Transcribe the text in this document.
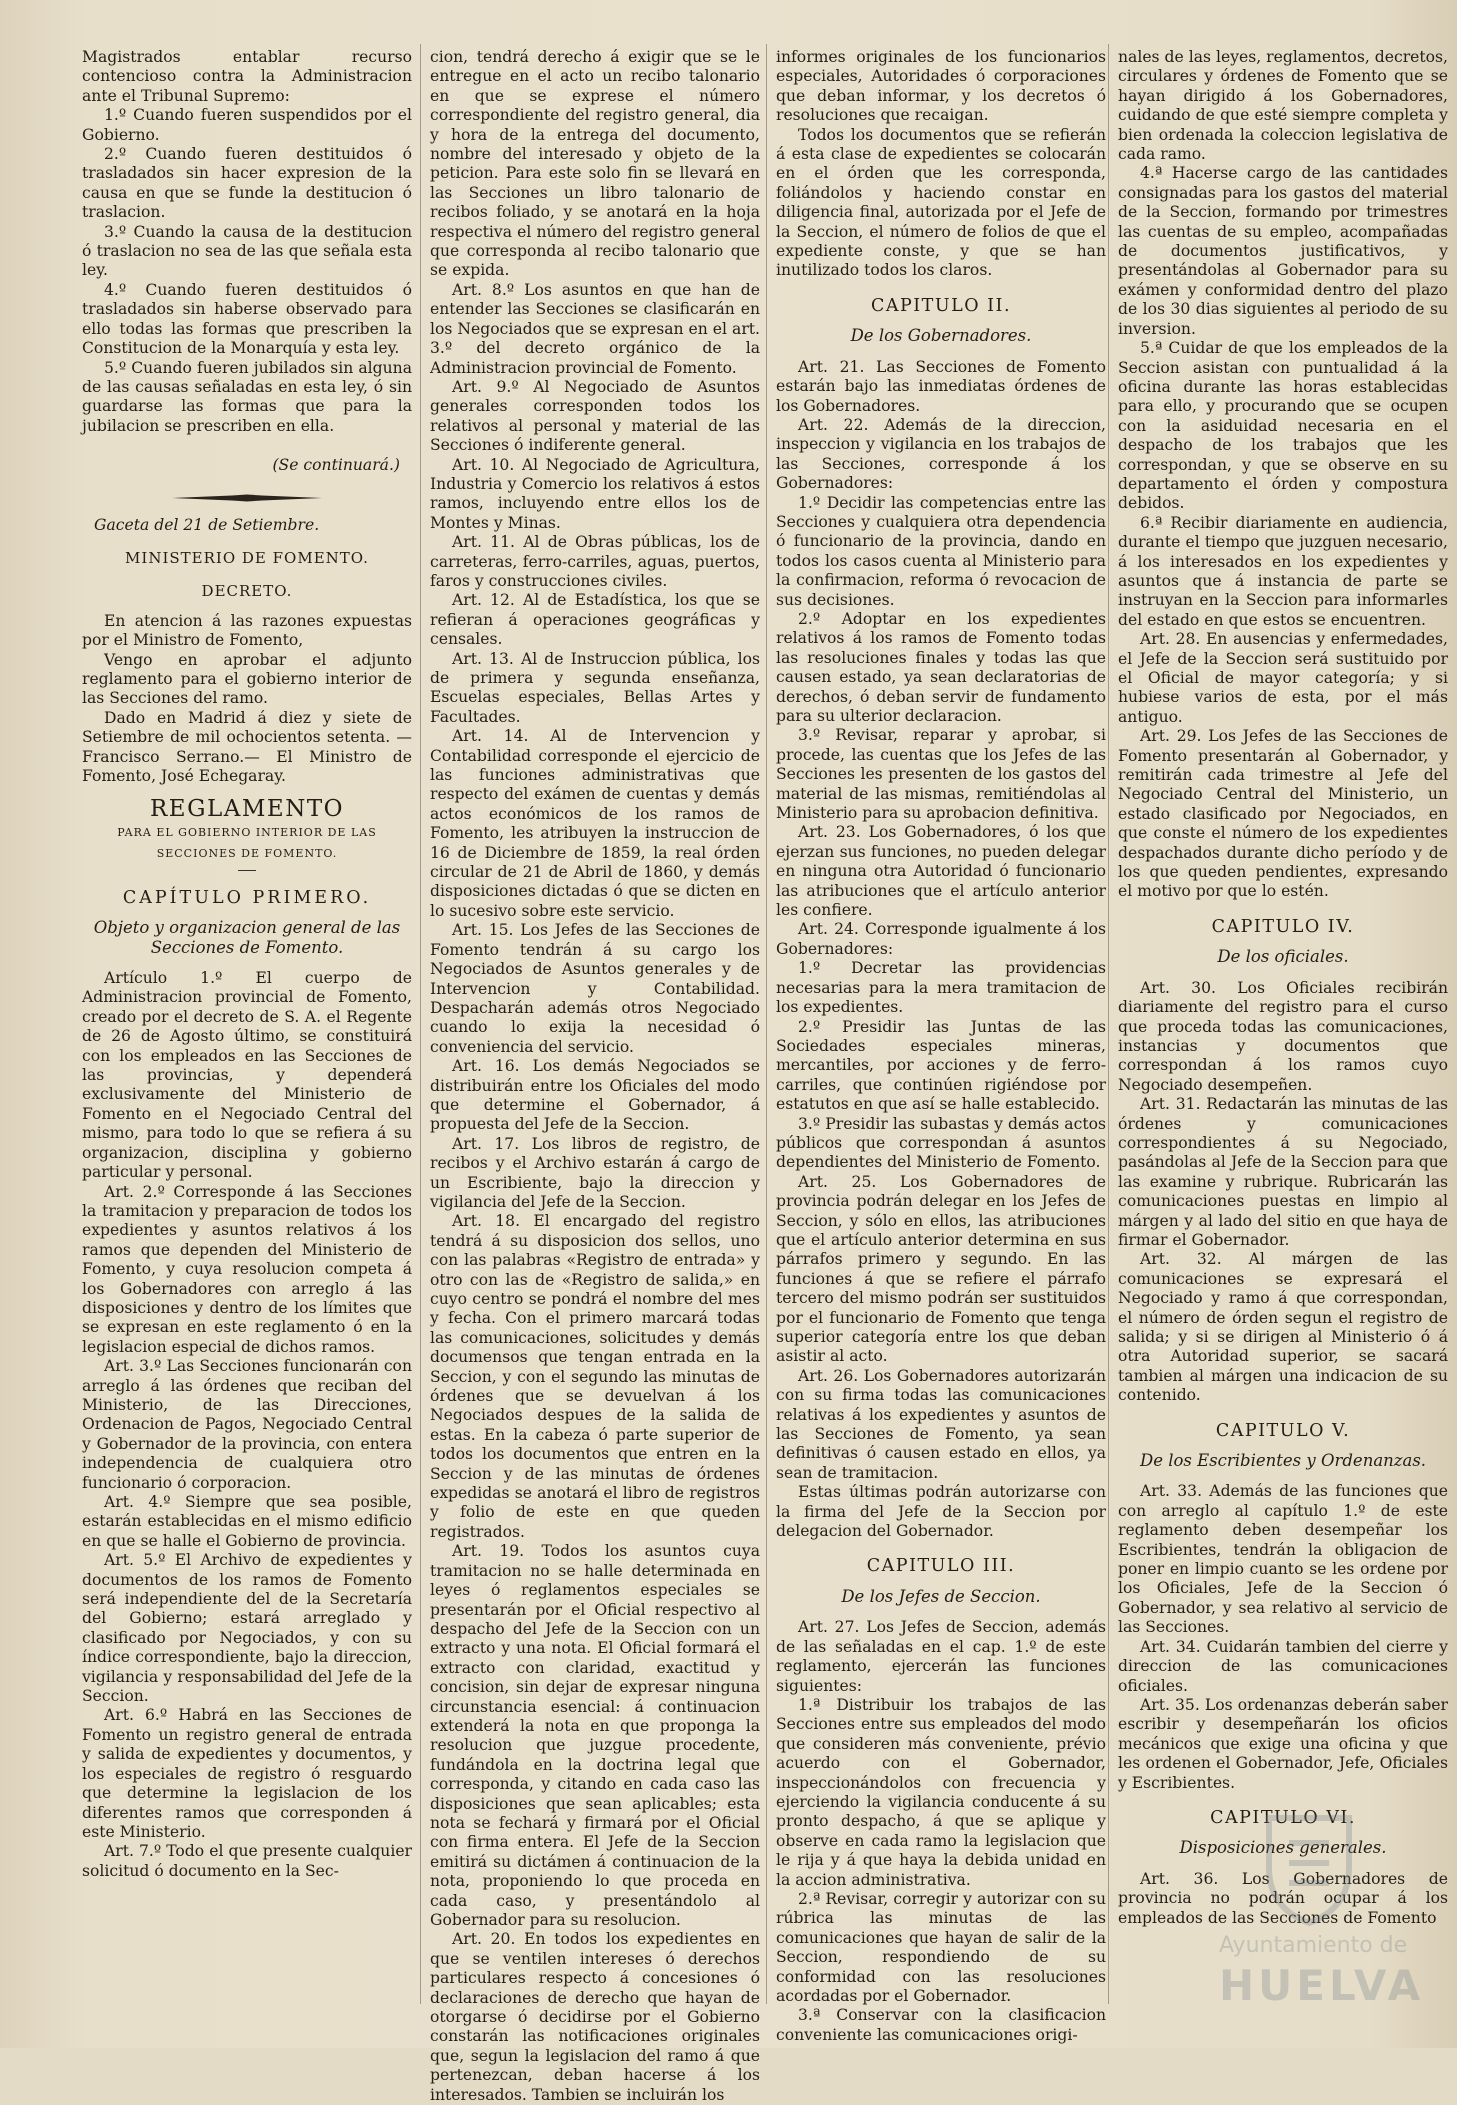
Magistrados entablar recurso contencioso contra la Administracion ante el Tribunal Supremo:

1.º Cuando fueren suspendidos por el Gobierno.

2.º Cuando fueren destituidos ó trasladados sin hacer expresion de la causa en que se funde la destitucion ó traslacion.

3.º Cuando la causa de la destitucion ó traslacion no sea de las que señala esta ley.

4.º Cuando fueren destituidos ó trasladados sin haberse observado para ello todas las formas que prescriben la Constitucion de la Monarquía y esta ley.

5.º Cuando fueren jubilados sin alguna de las causas señaladas en esta ley, ó sin guardarse las formas que para la jubilacion se prescriben en ella.

(Se continuará.)

Gaceta del 21 de Setiembre.

MINISTERIO DE FOMENTO.

DECRETO.

En atencion á las razones expuestas por el Ministro de Fomento,

Vengo en aprobar el adjunto reglamento para el gobierno interior de las Secciones del ramo.

Dado en Madrid á diez y siete de Setiembre de mil ochocientos setenta. —Francisco Serrano.— El Ministro de Fomento, José Echegaray.

REGLAMENTO

PARA EL GOBIERNO INTERIOR DE LAS

SECCIONES DE FOMENTO.

CAPÍTULO PRIMERO.

Objeto y organizacion general de las Secciones de Fomento.

Artículo 1.º El cuerpo de Administracion provincial de Fomento, creado por el decreto de S. A. el Regente de 26 de Agosto último, se constituirá con los empleados en las Secciones de las provincias, y dependerá exclusivamente del Ministerio de Fomento en el Negociado Central del mismo, para todo lo que se refiera á su organizacion, disciplina y gobierno particular y personal.

Art. 2.º Corresponde á las Secciones la tramitacion y preparacion de todos los expedientes y asuntos relativos á los ramos que dependen del Ministerio de Fomento, y cuya resolucion competa á los Gobernadores con arreglo á las disposiciones y dentro de los límites que se expresan en este reglamento ó en la legislacion especial de dichos ramos.

Art. 3.º Las Secciones funcionarán con arreglo á las órdenes que reciban del Ministerio, de las Direcciones, Ordenacion de Pagos, Negociado Central y Gobernador de la provincia, con entera independencia de cualquiera otro funcionario ó corporacion.

Art. 4.º Siempre que sea posible, estarán establecidas en el mismo edificio en que se halle el Gobierno de provincia.

Art. 5.º El Archivo de expedientes y documentos de los ramos de Fomento será independiente del de la Secretaría del Gobierno; estará arreglado y clasificado por Negociados, y con su índice correspondiente, bajo la direccion, vigilancia y responsabilidad del Jefe de la Seccion.

Art. 6.º Habrá en las Secciones de Fomento un registro general de entrada y salida de expedientes y documentos, y los especiales de registro ó resguardo que determine la legislacion de los diferentes ramos que corresponden á este Ministerio.

Art. 7.º Todo el que presente cualquier solicitud ó documento en la Sec-

cion, tendrá derecho á exigir que se le entregue en el acto un recibo talonario en que se exprese el número correspondiente del registro general, dia y hora de la entrega del documento, nombre del interesado y objeto de la peticion. Para este solo fin se llevará en las Secciones un libro talonario de recibos foliado, y se anotará en la hoja respectiva el número del registro general que corresponda al recibo talonario que se expida.

Art. 8.º Los asuntos en que han de entender las Secciones se clasificarán en los Negociados que se expresan en el art. 3.º del decreto orgánico de la Administracion provincial de Fomento.

Art. 9.º Al Negociado de Asuntos generales corresponden todos los relativos al personal y material de las Secciones ó indiferente general.

Art. 10. Al Negociado de Agricultura, Industria y Comercio los relativos á estos ramos, incluyendo entre ellos los de Montes y Minas.

Art. 11. Al de Obras públicas, los de carreteras, ferro-carriles, aguas, puertos, faros y construcciones civiles.

Art. 12. Al de Estadística, los que se refieran á operaciones geográficas y censales.

Art. 13. Al de Instruccion pública, los de primera y segunda enseñanza, Escuelas especiales, Bellas Artes y Facultades.

Art. 14. Al de Intervencion y Contabilidad corresponde el ejercicio de las funciones administrativas que respecto del exámen de cuentas y demás actos económicos de los ramos de Fomento, les atribuyen la instruccion de 16 de Diciembre de 1859, la real órden circular de 21 de Abril de 1860, y demás disposiciones dictadas ó que se dicten en lo sucesivo sobre este servicio.

Art. 15. Los Jefes de las Secciones de Fomento tendrán á su cargo los Negociados de Asuntos generales y de Intervencion y Contabilidad. Despacharán además otros Negociado cuando lo exija la necesidad ó conveniencia del servicio.

Art. 16. Los demás Negociados se distribuirán entre los Oficiales del modo que determine el Gobernador, á propuesta del Jefe de la Seccion.

Art. 17. Los libros de registro, de recibos y el Archivo estarán á cargo de un Escribiente, bajo la direccion y vigilancia del Jefe de la Seccion.

Art. 18. El encargado del registro tendrá á su disposicion dos sellos, uno con las palabras «Registro de entrada» y otro con las de «Registro de salida,» en cuyo centro se pondrá el nombre del mes y fecha. Con el primero marcará todas las comunicaciones, solicitudes y demás documensos que tengan entrada en la Seccion, y con el segundo las minutas de órdenes que se devuelvan á los Negociados despues de la salida de estas. En la cabeza ó parte superior de todos los documentos que entren en la Seccion y de las minutas de órdenes expedidas se anotará el libro de registros y folio de este en que queden registrados.

Art. 19. Todos los asuntos cuya tramitacion no se halle determinada en leyes ó reglamentos especiales se presentarán por el Oficial respectivo al despacho del Jefe de la Seccion con un extracto y una nota. El Oficial formará el extracto con claridad, exactitud y concision, sin dejar de expresar ninguna circunstancia esencial: á continuacion extenderá la nota en que proponga la resolucion que juzgue procedente, fundándola en la doctrina legal que corresponda, y citando en cada caso las disposiciones que sean aplicables; esta nota se fechará y firmará por el Oficial con firma entera. El Jefe de la Seccion emitirá su dictámen á continuacion de la nota, proponiendo lo que proceda en cada caso, y presentándolo al Gobernador para su resolucion.

Art. 20. En todos los expedientes en que se ventilen intereses ó derechos particulares respecto á concesiones ó declaraciones de derecho que hayan de otorgarse ó decidirse por el Gobierno constarán las notificaciones originales que, segun la legislacion del ramo á que pertenezcan, deban hacerse á los interesados. Tambien se incluirán los

informes originales de los funcionarios especiales, Autoridades ó corporaciones que deban informar, y los decretos ó resoluciones que recaigan.

Todos los documentos que se refierán á esta clase de expedientes se colocarán en el órden que les corresponda, foliándolos y haciendo constar en diligencia final, autorizada por el Jefe de la Seccion, el número de folios de que el expediente conste, y que se han inutilizado todos los claros.

CAPITULO II.

De los Gobernadores.

Art. 21. Las Secciones de Fomento estarán bajo las inmediatas órdenes de los Gobernadores.

Art. 22. Además de la direccion, inspeccion y vigilancia en los trabajos de las Secciones, corresponde á los Gobernadores:

1.º Decidir las competencias entre las Secciones y cualquiera otra dependencia ó funcionario de la provincia, dando en todos los casos cuenta al Ministerio para la confirmacion, reforma ó revocacion de sus decisiones.

2.º Adoptar en los expedientes relativos á los ramos de Fomento todas las resoluciones finales y todas las que causen estado, ya sean declaratorias de derechos, ó deban servir de fundamento para su ulterior declaracion.

3.º Revisar, reparar y aprobar, si procede, las cuentas que los Jefes de las Secciones les presenten de los gastos del material de las mismas, remitiéndolas al Ministerio para su aprobacion definitiva.

Art. 23. Los Gobernadores, ó los que ejerzan sus funciones, no pueden delegar en ninguna otra Autoridad ó funcionario las atribuciones que el artículo anterior les confiere.

Art. 24. Corresponde igualmente á los Gobernadores:

1.º Decretar las providencias necesarias para la mera tramitacion de los expedientes.

2.º Presidir las Juntas de las Sociedades especiales mineras, mercantiles, por acciones y de ferro-carriles, que continúen rigiéndose por estatutos en que así se halle establecido.

3.º Presidir las subastas y demás actos públicos que correspondan á asuntos dependientes del Ministerio de Fomento.

Art. 25. Los Gobernadores de provincia podrán delegar en los Jefes de Seccion, y sólo en ellos, las atribuciones que el artículo anterior determina en sus párrafos primero y segundo. En las funciones á que se refiere el párrafo tercero del mismo podrán ser sustituidos por el funcionario de Fomento que tenga superior categoría entre los que deban asistir al acto.

Art. 26. Los Gobernadores autorizarán con su firma todas las comunicaciones relativas á los expedientes y asuntos de las Secciones de Fomento, ya sean definitivas ó causen estado en ellos, ya sean de tramitacion.

Estas últimas podrán autorizarse con la firma del Jefe de la Seccion por delegacion del Gobernador.

CAPITULO III.

De los Jefes de Seccion.

Art. 27. Los Jefes de Seccion, además de las señaladas en el cap. 1.º de este reglamento, ejercerán las funciones siguientes:

1.ª Distribuir los trabajos de las Secciones entre sus empleados del modo que consideren más conveniente, prévio acuerdo con el Gobernador, inspeccionándolos con frecuencia y ejerciendo la vigilancia conducente á su pronto despacho, á que se aplique y observe en cada ramo la legislacion que le rija y á que haya la debida unidad en la accion administrativa.

2.ª Revisar, corregir y autorizar con su rúbrica las minutas de las comunicaciones que hayan de salir de la Seccion, respondiendo de su conformidad con las resoluciones acordadas por el Gobernador.

3.ª Conservar con la clasificacion conveniente las comunicaciones origi-

nales de las leyes, reglamentos, decretos, circulares y órdenes de Fomento que se hayan dirigido á los Gobernadores, cuidando de que esté siempre completa y bien ordenada la coleccion legislativa de cada ramo.

4.ª Hacerse cargo de las cantidades consignadas para los gastos del material de la Seccion, formando por trimestres las cuentas de su empleo, acompañadas de documentos justificativos, y presentándolas al Gobernador para su exámen y conformidad dentro del plazo de los 30 dias siguientes al periodo de su inversion.

5.ª Cuidar de que los empleados de la Seccion asistan con puntualidad á la oficina durante las horas establecidas para ello, y procurando que se ocupen con la asiduidad necesaria en el despacho de los trabajos que les correspondan, y que se observe en su departamento el órden y compostura debidos.

6.ª Recibir diariamente en audiencia, durante el tiempo que juzguen necesario, á los interesados en los expedientes y asuntos que á instancia de parte se instruyan en la Seccion para informarles del estado en que estos se encuentren.

Art. 28. En ausencias y enfermedades, el Jefe de la Seccion será sustituido por el Oficial de mayor categoría; y si hubiese varios de esta, por el más antiguo.

Art. 29. Los Jefes de las Secciones de Fomento presentarán al Gobernador, y remitirán cada trimestre al Jefe del Negociado Central del Ministerio, un estado clasificado por Negociados, en que conste el número de los expedientes despachados durante dicho período y de los que queden pendientes, expresando el motivo por que lo estén.

CAPITULO IV.

De los oficiales.

Art. 30. Los Oficiales recibirán diariamente del registro para el curso que proceda todas las comunicaciones, instancias y documentos que correspondan á los ramos cuyo Negociado desempeñen.

Art. 31. Redactarán las minutas de las órdenes y comunicaciones correspondientes á su Negociado, pasándolas al Jefe de la Seccion para que las examine y rubrique. Rubricarán las comunicaciones puestas en limpio al márgen y al lado del sitio en que haya de firmar el Gobernador.

Art. 32. Al márgen de las comunicaciones se expresará el Negociado y ramo á que correspondan, el número de órden segun el registro de salida; y si se dirigen al Ministerio ó á otra Autoridad superior, se sacará tambien al márgen una indicacion de su contenido.

CAPITULO V.

De los Escribientes y Ordenanzas.

Art. 33. Además de las funciones que con arreglo al capítulo 1.º de este reglamento deben desempeñar los Escribientes, tendrán la obligacion de poner en limpio cuanto se les ordene por los Oficiales, Jefe de la Seccion ó Gobernador, y sea relativo al servicio de las Secciones.

Art. 34. Cuidarán tambien del cierre y direccion de las comunicaciones oficiales.

Art. 35. Los ordenanzas deberán saber escribir y desempeñarán los oficios mecánicos que exige una oficina y que les ordenen el Gobernador, Jefe, Oficiales y Escribientes.

CAPITULO VI.

Disposiciones generales.

Art. 36. Los Gobernadores de provincia no podrán ocupar á los empleados de las Secciones de Fomento

Ayuntamiento de
HUELVA
